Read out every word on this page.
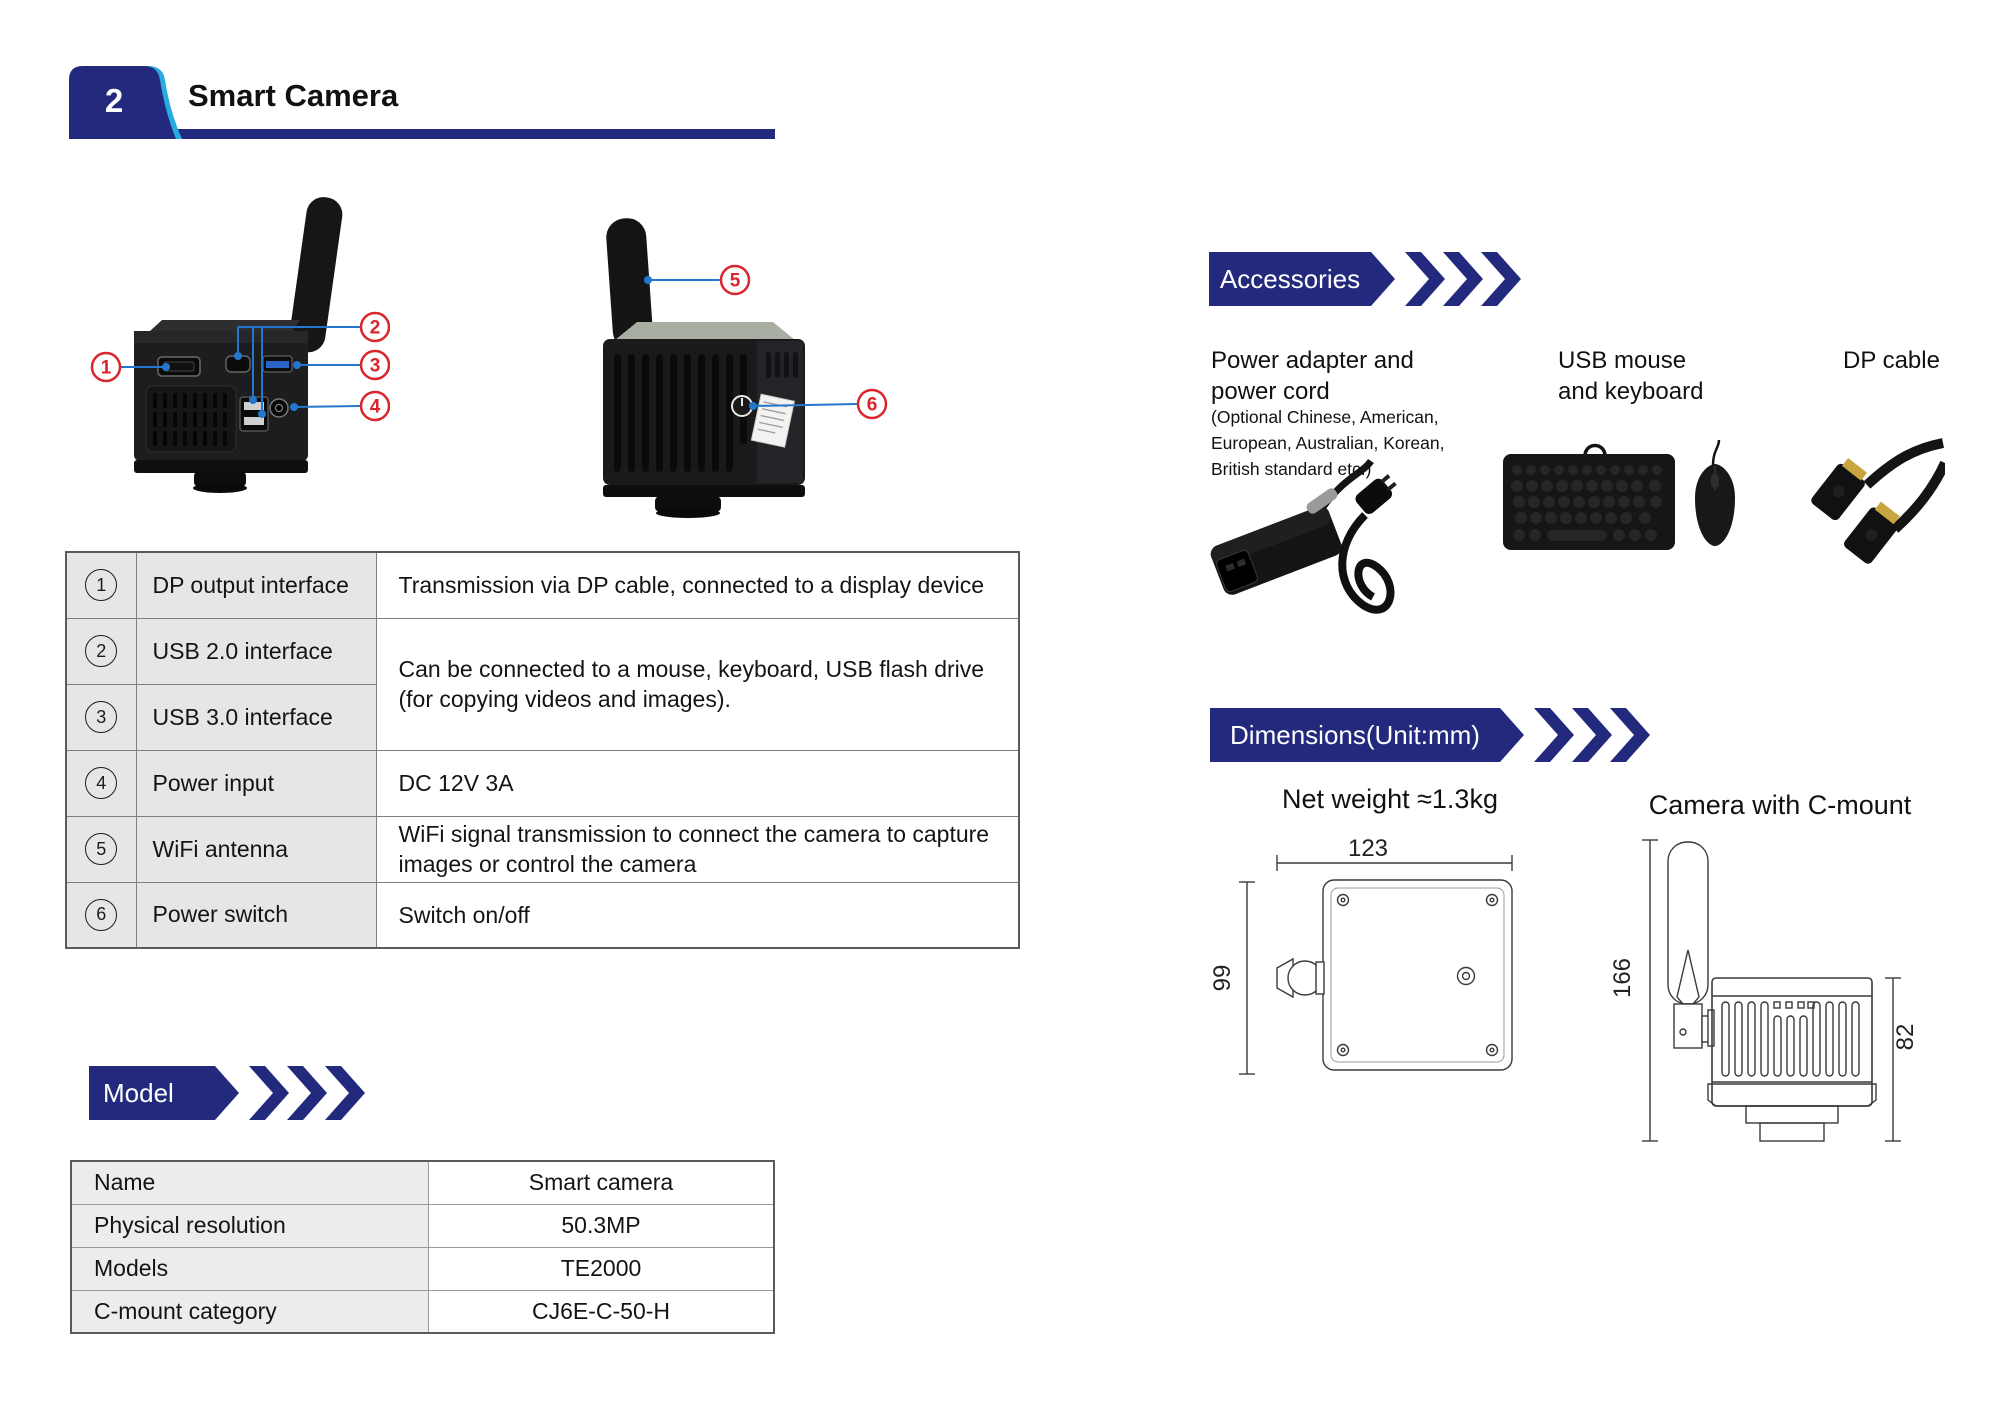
2	Smart Camera
1
2
3
4
5
6
1	DP output interface	Transmission via DP cable, connected to a display device
2	USB 2.0 interface	Can be connected to a mouse, keyboard, USB flash drive (for copying videos and images).
3	USB 3.0 interface	
4	Power input	DC 12V 3A
5	WiFi antenna	WiFi signal transmission to connect the camera to capture images or control the camera
6	Power switch	Switch on/off
Accessories
Power adapter and
power cord
(Optional Chinese, American,
European, Australian, Korean,
British standard etc.)
USB mouse
and keyboard
DP cable
Dimensions(Unit:mm)
Net weight ≈1.3kg	Camera with C-mount
123
99	166
82
Model
Name	Smart camera
Physical resolution	50.3MP
Models	TE2000
C-mount category	CJ6E-C-50-H
